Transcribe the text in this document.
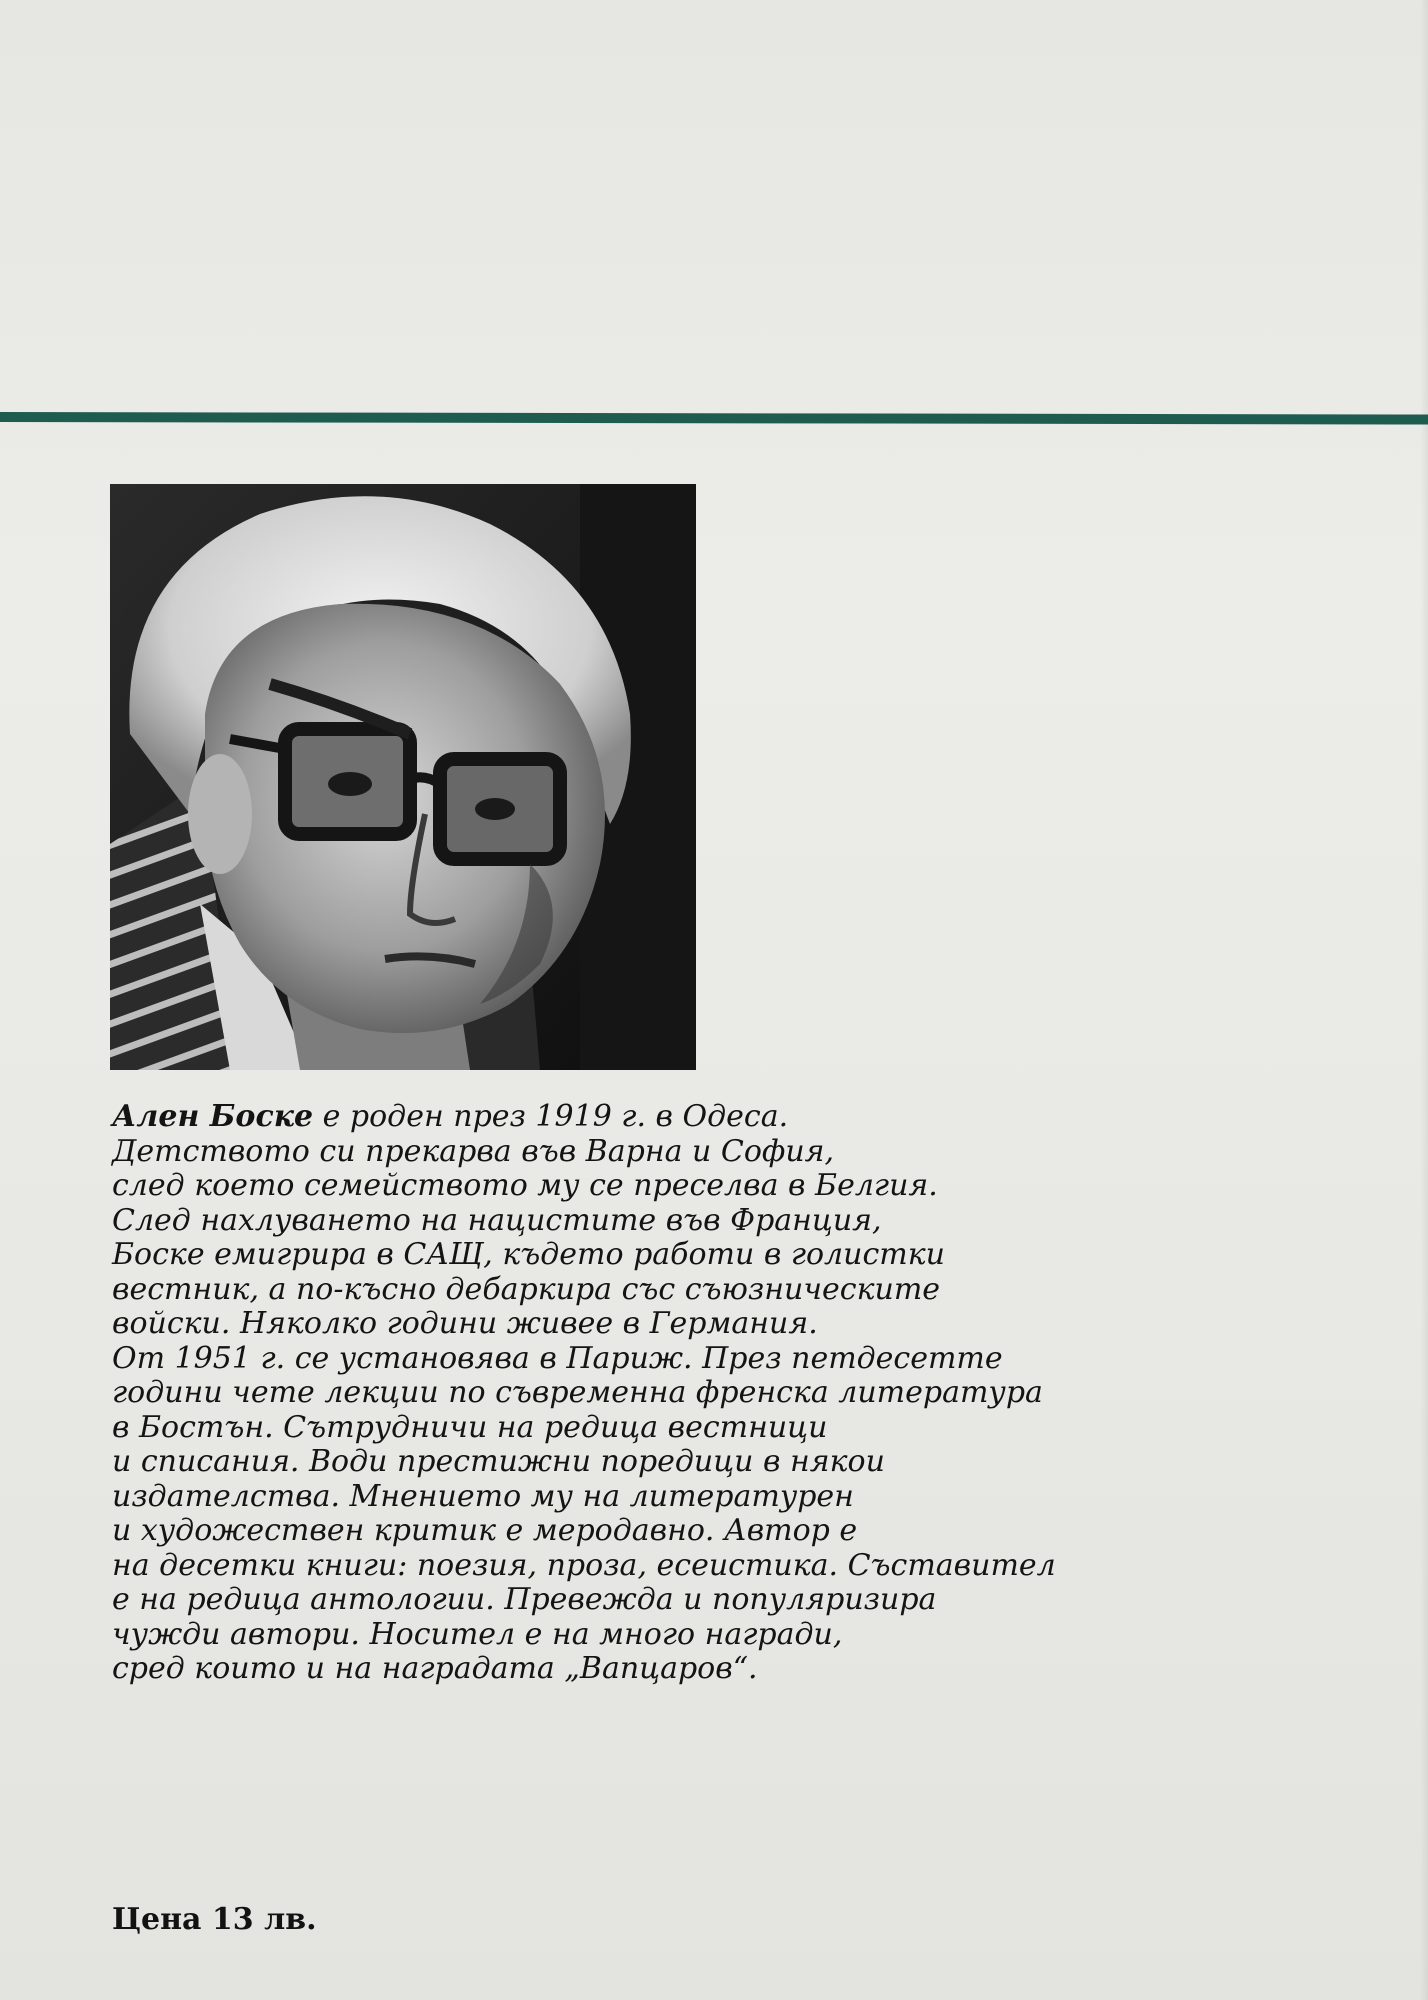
Ален Боске е роден през 1919 г. в Одеса.
Детството си прекарва във Варна и София,
след което семейството му се преселва в Белгия.
След нахлуването на нацистите във Франция,
Боске емигрира в САЩ, където работи в голистки
вестник, а по-късно дебаркира със съюзническите
войски. Няколко години живее в Германия.
От 1951 г. се установява в Париж. През петдесетте
години чете лекции по съвременна френска литература
в Бостън. Сътрудничи на редица вестници
и списания. Води престижни поредици в някои
издателства. Мнението му на литературен
и художествен критик е меродавно. Автор е
на десетки книги: поезия, проза, есеистика. Съставител
е на редица антологии. Превежда и популяризира
чужди автори. Носител е на много награди,
сред които и на наградата „Вапцаров“.

Цена 13 лв.
